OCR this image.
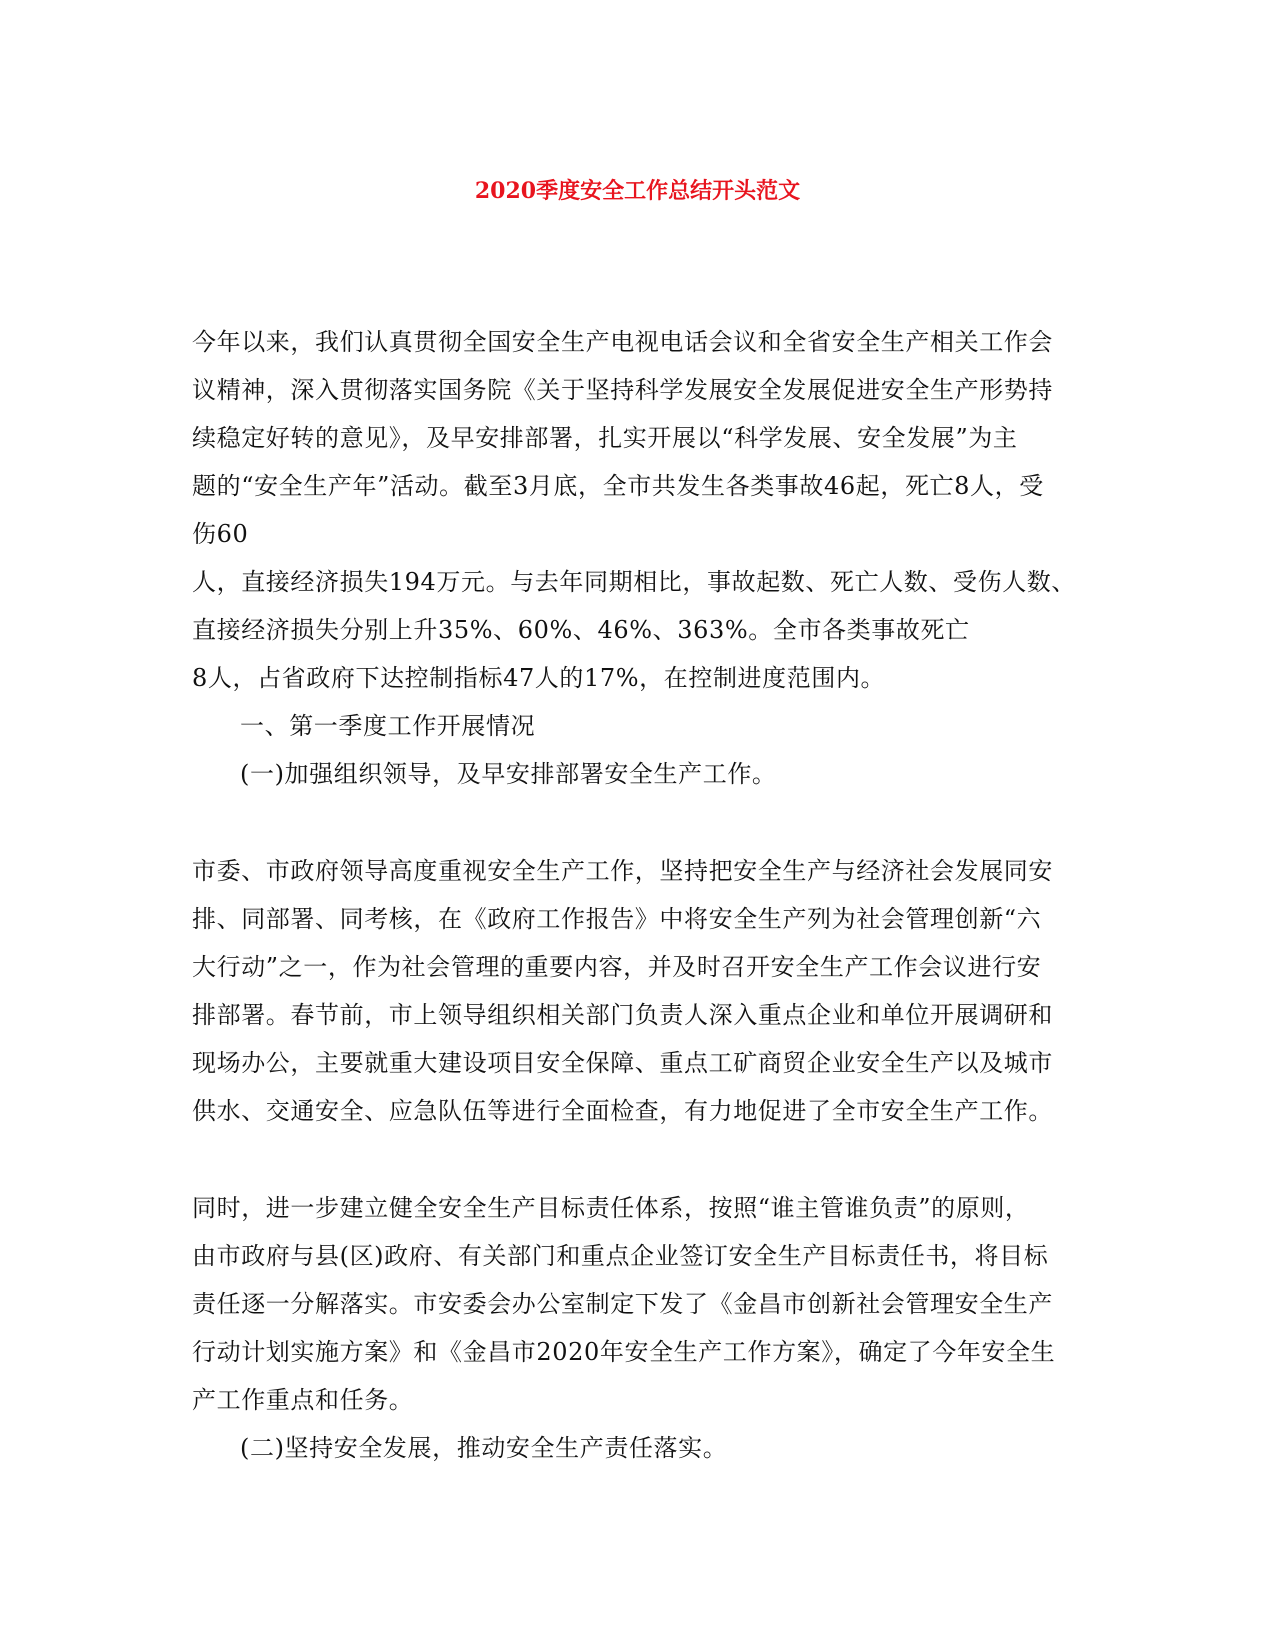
2020季度安全工作总结开头范文
今年以来，我们认真贯彻全国安全生产电视电话会议和全省安全生产相关工作会
议精神，深入贯彻落实国务院《关于坚持科学发展安全发展促进安全生产形势持
续稳定好转的意见》，及早安排部署，扎实开展以“科学发展、安全发展”为主
题的“安全生产年”活动。截至3月底，全市共发生各类事故46起，死亡8人，受
伤60
人，直接经济损失194万元。与去年同期相比，事故起数、死亡人数、受伤人数、
直接经济损失分别上升35%、60%、46%、363%。全市各类事故死亡
8人，占省政府下达控制指标47人的17%，在控制进度范围内。
一、第一季度工作开展情况
(一)加强组织领导，及早安排部署安全生产工作。
市委、市政府领导高度重视安全生产工作，坚持把安全生产与经济社会发展同安
排、同部署、同考核，在《政府工作报告》中将安全生产列为社会管理创新“六
大行动”之一，作为社会管理的重要内容，并及时召开安全生产工作会议进行安
排部署。春节前，市上领导组织相关部门负责人深入重点企业和单位开展调研和
现场办公，主要就重大建设项目安全保障、重点工矿商贸企业安全生产以及城市
供水、交通安全、应急队伍等进行全面检查，有力地促进了全市安全生产工作。
同时，进一步建立健全安全生产目标责任体系，按照“谁主管谁负责”的原则，
由市政府与县(区)政府、有关部门和重点企业签订安全生产目标责任书，将目标
责任逐一分解落实。市安委会办公室制定下发了《金昌市创新社会管理安全生产
行动计划实施方案》和《金昌市2020年安全生产工作方案》，确定了今年安全生
产工作重点和任务。
(二)坚持安全发展，推动安全生产责任落实。
